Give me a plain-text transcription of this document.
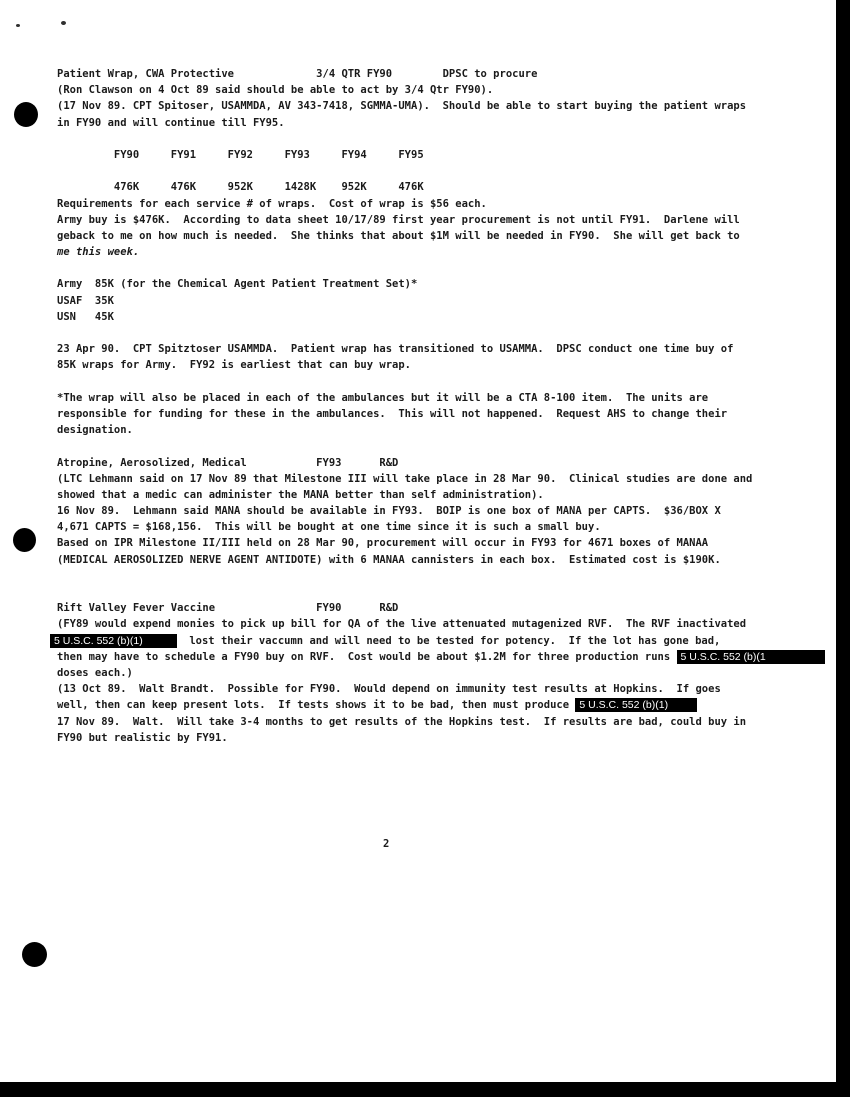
Patient Wrap, CWA Protective             3/4 QTR FY90        DPSC to procure
(Ron Clawson on 4 Oct 89 said should be able to act by 3/4 Qtr FY90).
(17 Nov 89. CPT Spitoser, USAMMDA, AV 343-7418, SGMMA-UMA).  Should be able to start buying the patient wraps
in FY90 and will continue till FY95.

FY90     FY91     FY92     FY93     FY94     FY95

476K     476K     952K     1428K    952K     476K
Requirements for each service # of wraps.  Cost of wrap is $56 each.
Army buy is $476K.  According to data sheet 10/17/89 first year procurement is not until FY91.  Darlene will
geback to me on how much is needed.  She thinks that about $1M will be needed in FY90.  She will get back to
me this week.

Army  85K (for the Chemical Agent Patient Treatment Set)*
USAF  35K
USN   45K

23 Apr 90.  CPT Spitztoser USAMMDA.  Patient wrap has transitioned to USAMMA.  DPSC conduct one time buy of
85K wraps for Army.  FY92 is earliest that can buy wrap.

*The wrap will also be placed in each of the ambulances but it will be a CTA 8-100 item.  The units are
responsible for funding for these in the ambulances.  This will not happened.  Request AHS to change their
designation.

Atropine, Aerosolized, Medical           FY93      R&D
(LTC Lehmann said on 17 Nov 89 that Milestone III will take place in 28 Mar 90.  Clinical studies are done and
showed that a medic can administer the MANA better than self administration).
16 Nov 89.  Lehmann said MANA should be available in FY93.  BOIP is one box of MANA per CAPTS.  $36/BOX X
4,671 CAPTS = $168,156.  This will be bought at one time since it is such a small buy.
Based on IPR Milestone II/III held on 28 Mar 90, procurement will occur in FY93 for 4671 boxes of MANAA
(MEDICAL AEROSOLIZED NERVE AGENT ANTIDOTE) with 6 MANAA cannisters in each box.  Estimated cost is $190K.

Rift Valley Fever Vaccine                FY90      R&D
(FY89 would expend monies to pick up bill for QA of the live attenuated mutagenized RVF.  The RVF inactivated
5 U.S.C. 552 (b)(1)	lost their vaccumn and will need to be tested for potency.  If the lot has gone bad,
then may have to schedule a FY90 buy on RVF.  Cost would be about $1.2M for three production runs 5 U.S.C. 552 (b)(1
doses each.)
(13 Oct 89.  Walt Brandt.  Possible for FY90.  Would depend on immunity test results at Hopkins.  If goes
well, then can keep present lots.  If tests shows it to be bad, then must produce 5 U.S.C. 552 (b)(1)
17 Nov 89.  Walt.  Will take 3-4 months to get results of the Hopkins test.  If results are bad, could buy in
FY90 but realistic by FY91.
2
